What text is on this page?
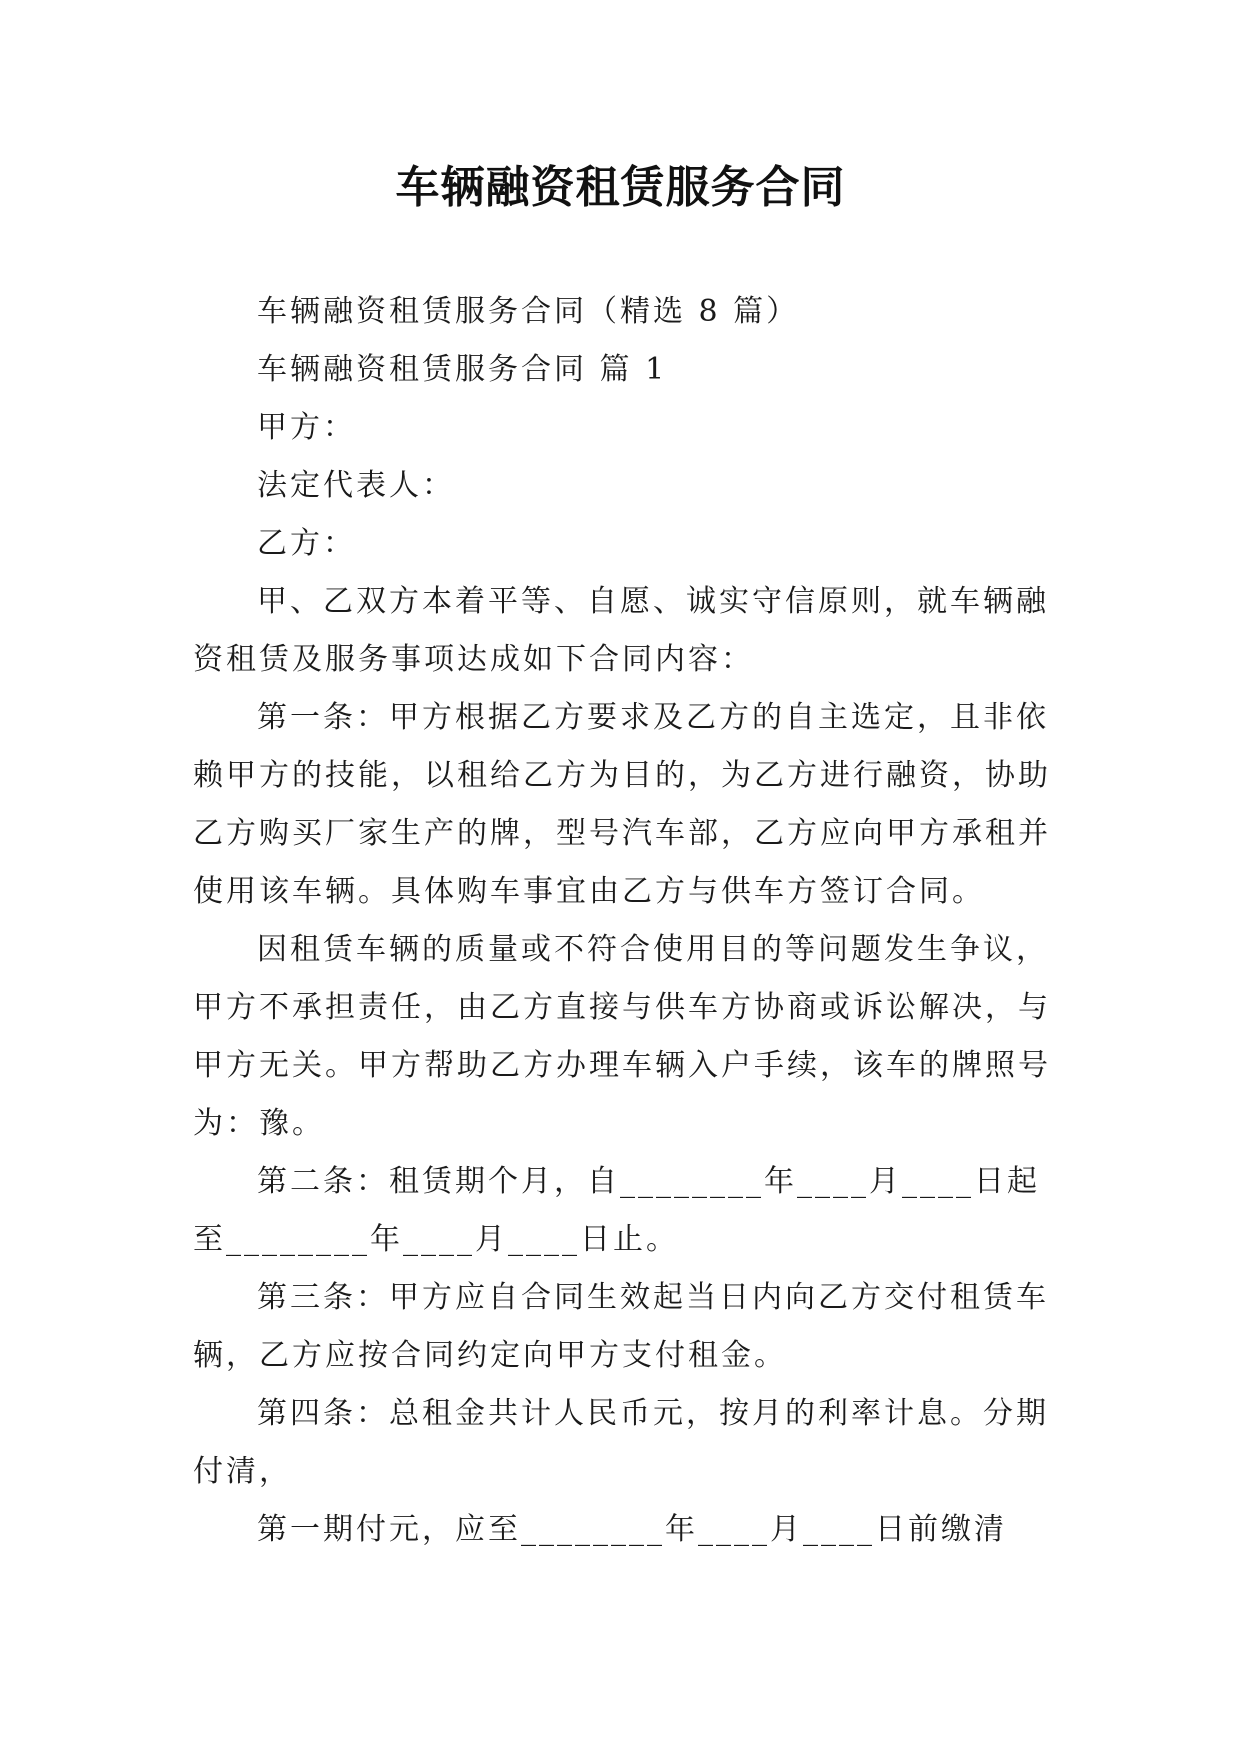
车辆融资租赁服务合同

车辆融资租赁服务合同（精选 8 篇）

车辆融资租赁服务合同 篇 1

甲方：

法定代表人：

乙方：

甲、乙双方本着平等、自愿、诚实守信原则，就车辆融资租赁及服务事项达成如下合同内容：

第一条：甲方根据乙方要求及乙方的自主选定，且非依赖甲方的技能，以租给乙方为目的，为乙方进行融资，协助乙方购买厂家生产的牌，型号汽车部，乙方应向甲方承租并使用该车辆。具体购车事宜由乙方与供车方签订合同。

因租赁车辆的质量或不符合使用目的等问题发生争议，甲方不承担责任，由乙方直接与供车方协商或诉讼解决，与甲方无关。甲方帮助乙方办理车辆入户手续，该车的牌照号为：豫。

第二条：租赁期个月，自________年____月____日起至________年____月____日止。

第三条：甲方应自合同生效起当日内向乙方交付租赁车辆，乙方应按合同约定向甲方支付租金。

第四条：总租金共计人民币元，按月的利率计息。分期付清，

第一期付元，应至________年____月____日前缴清
